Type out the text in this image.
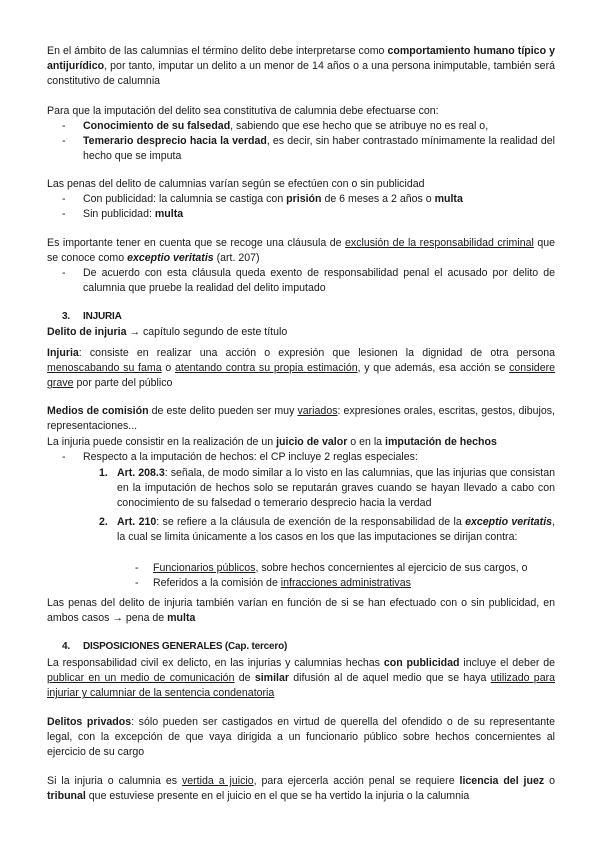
En el ámbito de las calumnias el término delito debe interpretarse como comportamiento humano típico y antijurídico, por tanto, imputar un delito a un menor de 14 años o a una persona inimputable, también será constitutivo de calumnia

Para que la imputación del delito sea constitutiva de calumnia debe efectuarse con:

-	Conocimiento de su falsedad, sabiendo que ese hecho que se atribuye no es real o,

-	Temerario desprecio hacia la verdad, es decir, sin haber contrastado mínimamente la realidad del hecho que se imputa

Las penas del delito de calumnias varían según se efectúen con o sin publicidad

-	Con publicidad: la calumnia se castiga con prisión de 6 meses a 2 años o multa

-	Sin publicidad: multa

Es importante tener en cuenta que se recoge una cláusula de exclusión de la responsabilidad criminal que se conoce como exceptio veritatis (art. 207)

-	De acuerdo con esta cláusula queda exento de responsabilidad penal el acusado por delito de calumnia que pruebe la realidad del delito imputado

3. INJURIA

Delito de injuria → capítulo segundo de este título

Injuria: consiste en realizar una acción o expresión que lesionen la dignidad de otra persona menoscabando su fama o atentando contra su propia estimación, y que además, esa acción se considere grave por parte del público

Medios de comisión de este delito pueden ser muy variados: expresiones orales, escritas, gestos, dibujos, representaciones...

La injuria puede consistir en la realización de un juicio de valor o en la imputación de hechos

-	Respecto a la imputación de hechos: el CP incluye 2 reglas especiales:

1. Art. 208.3: señala, de modo similar a lo visto en las calumnias, que las injurias que consistan en la imputación de hechos solo se reputarán graves cuando se hayan llevado a cabo con conocimiento de su falsedad o temerario desprecio hacia la verdad

2. Art. 210: se refiere a la cláusula de exención de la responsabilidad de la exceptio veritatis, la cual se limita únicamente a los casos en los que las imputaciones se dirijan contra:

-	Funcionarios públicos, sobre hechos concernientes al ejercicio de sus cargos, o

-	Referidos a la comisión de infracciones administrativas

Las penas del delito de injuria también varían en función de si se han efectuado con o sin publicidad, en ambos casos → pena de multa

4. DISPOSICIONES GENERALES (Cap. tercero)

La responsabilidad civil ex delicto, en las injurias y calumnias hechas con publicidad incluye el deber de publicar en un medio de comunicación de similar difusión al de aquel medio que se haya utilizado para injuriar y calumniar de la sentencia condenatoria

Delitos privados: sólo pueden ser castigados en virtud de querella del ofendido o de su representante legal, con la excepción de que vaya dirigida a un funcionario público sobre hechos concernientes al ejercicio de su cargo

Si la injuria o calumnia es vertida a juicio, para ejercerla acción penal se requiere licencia del juez o tribunal que estuviese presente en el juicio en el que se ha vertido la injuria o la calumnia
